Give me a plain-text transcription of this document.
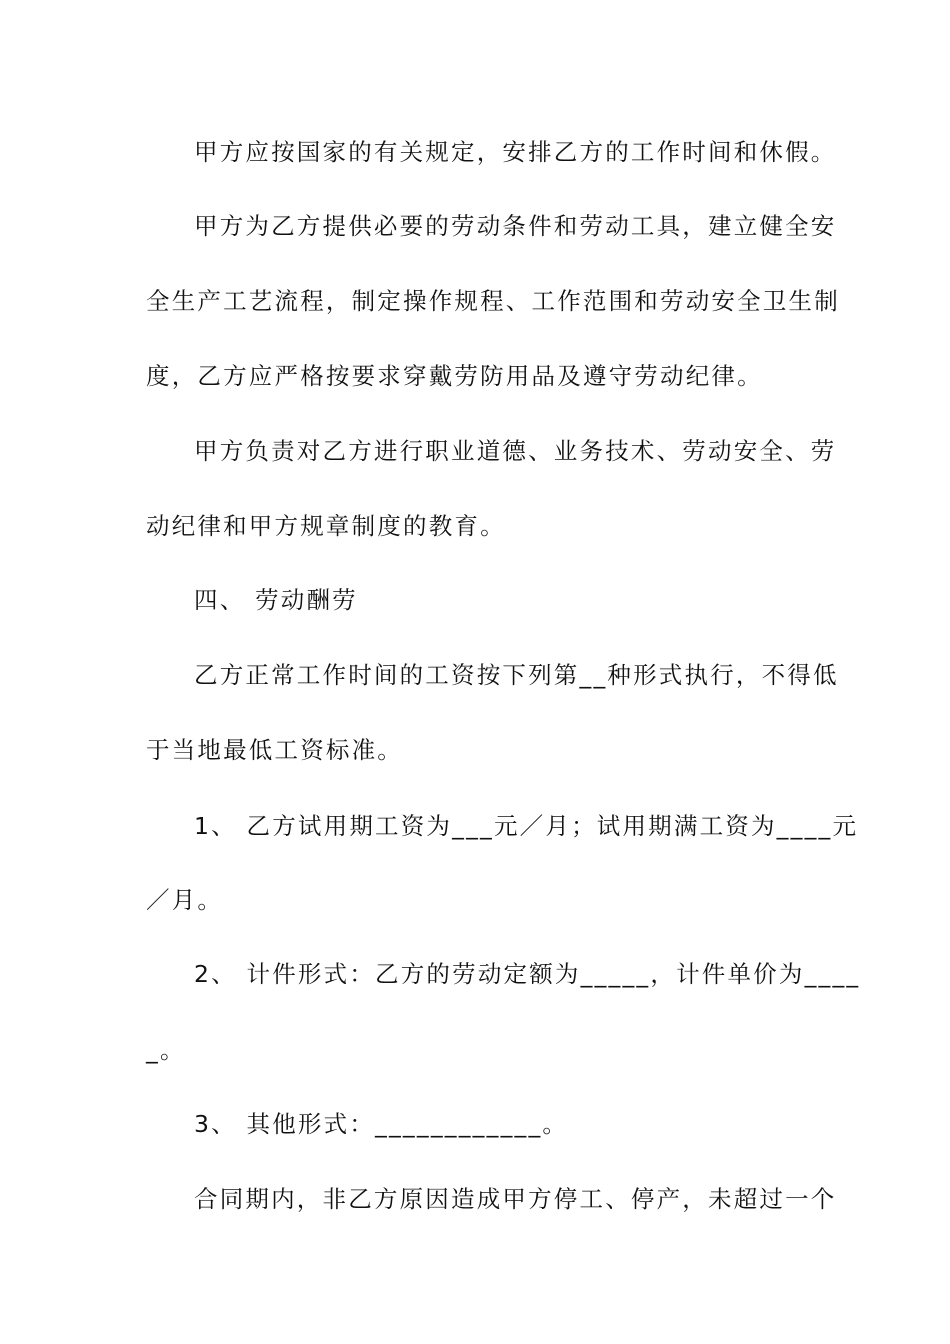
甲方应按国家的有关规定，安排乙方的工作时间和休假。
甲方为乙方提供必要的劳动条件和劳动工具，建立健全安
全生产工艺流程，制定操作规程、工作范围和劳动安全卫生制
度，乙方应严格按要求穿戴劳防用品及遵守劳动纪律。
甲方负责对乙方进行职业道德、业务技术、劳动安全、劳
动纪律和甲方规章制度的教育。
四、 劳动酬劳
乙方正常工作时间的工资按下列第__种形式执行，不得低
于当地最低工资标准。
1、 乙方试用期工资为___元／月；试用期满工资为____元
／月。
2、 计件形式：乙方的劳动定额为_____，计件单价为____
_。
3、 其他形式：____________。
合同期内，非乙方原因造成甲方停工、停产，未超过一个
